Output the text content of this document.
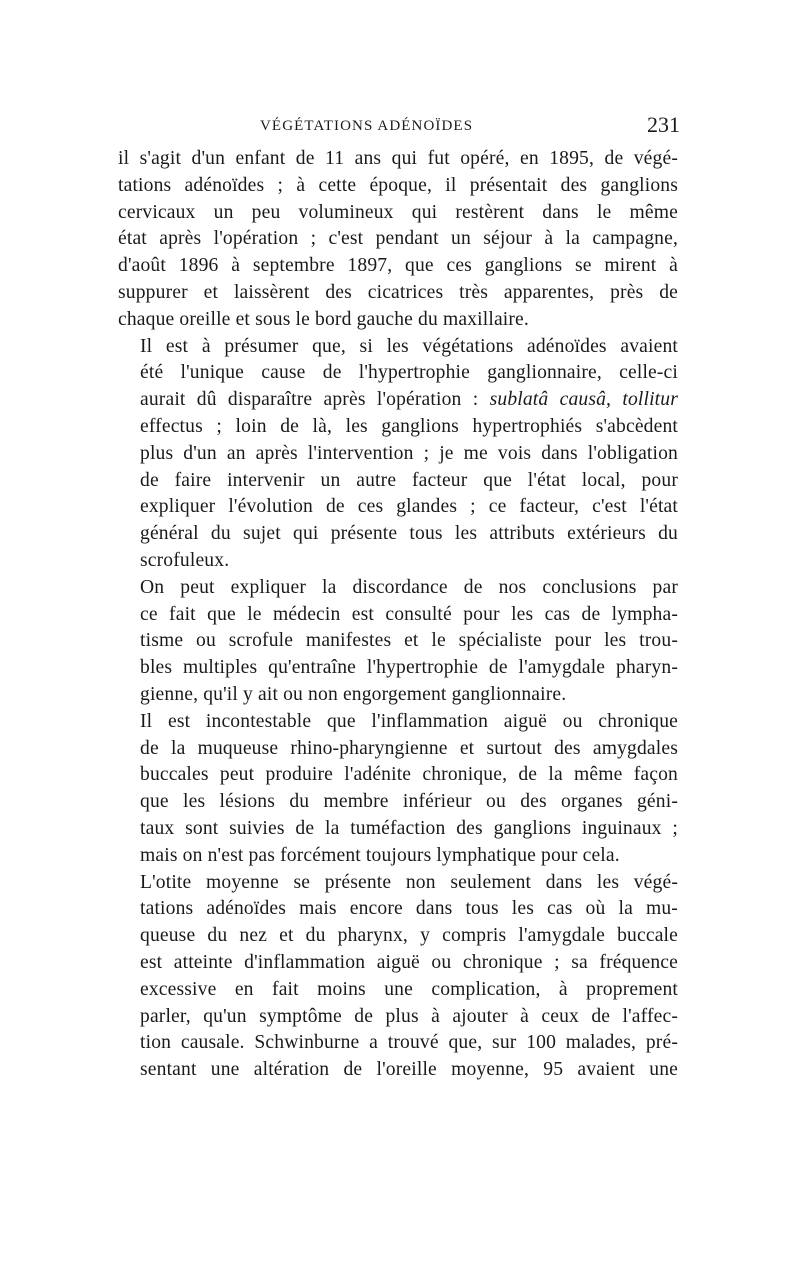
VÉGÉTATIONS ADÉNOÏDES	231

il s'agit d'un enfant de 11 ans qui fut opéré, en 1895, de végé-
tations adénoïdes ; à cette époque, il présentait des ganglions
cervicaux un peu volumineux qui restèrent dans le même
état après l'opération ; c'est pendant un séjour à la campagne,
d'août 1896 à septembre 1897, que ces ganglions se mirent à
suppurer et laissèrent des cicatrices très apparentes, près de
chaque oreille et sous le bord gauche du maxillaire.

Il est à présumer que, si les végétations adénoïdes avaient
été l'unique cause de l'hypertrophie ganglionnaire, celle-ci
aurait dû disparaître après l'opération : sublatâ causâ, tollitur
effectus ; loin de là, les ganglions hypertrophiés s'abcèdent
plus d'un an après l'intervention ; je me vois dans l'obligation
de faire intervenir un autre facteur que l'état local, pour
expliquer l'évolution de ces glandes ; ce facteur, c'est l'état
général du sujet qui présente tous les attributs extérieurs du
scrofuleux.

On peut expliquer la discordance de nos conclusions par
ce fait que le médecin est consulté pour les cas de lympha-
tisme ou scrofule manifestes et le spécialiste pour les trou-
bles multiples qu'entraîne l'hypertrophie de l'amygdale pharyn-
gienne, qu'il y ait ou non engorgement ganglionnaire.

Il est incontestable que l'inflammation aiguë ou chronique
de la muqueuse rhino-pharyngienne et surtout des amygdales
buccales peut produire l'adénite chronique, de la même façon
que les lésions du membre inférieur ou des organes géni-
taux sont suivies de la tuméfaction des ganglions inguinaux ;
mais on n'est pas forcément toujours lymphatique pour cela.

L'otite moyenne se présente non seulement dans les végé-
tations adénoïdes mais encore dans tous les cas où la mu-
queuse du nez et du pharynx, y compris l'amygdale buccale
est atteinte d'inflammation aiguë ou chronique ; sa fréquence
excessive en fait moins une complication, à proprement
parler, qu'un symptôme de plus à ajouter à ceux de l'affec-
tion causale. Schwinburne a trouvé que, sur 100 malades, pré-
sentant une altération de l'oreille moyenne, 95 avaient une
